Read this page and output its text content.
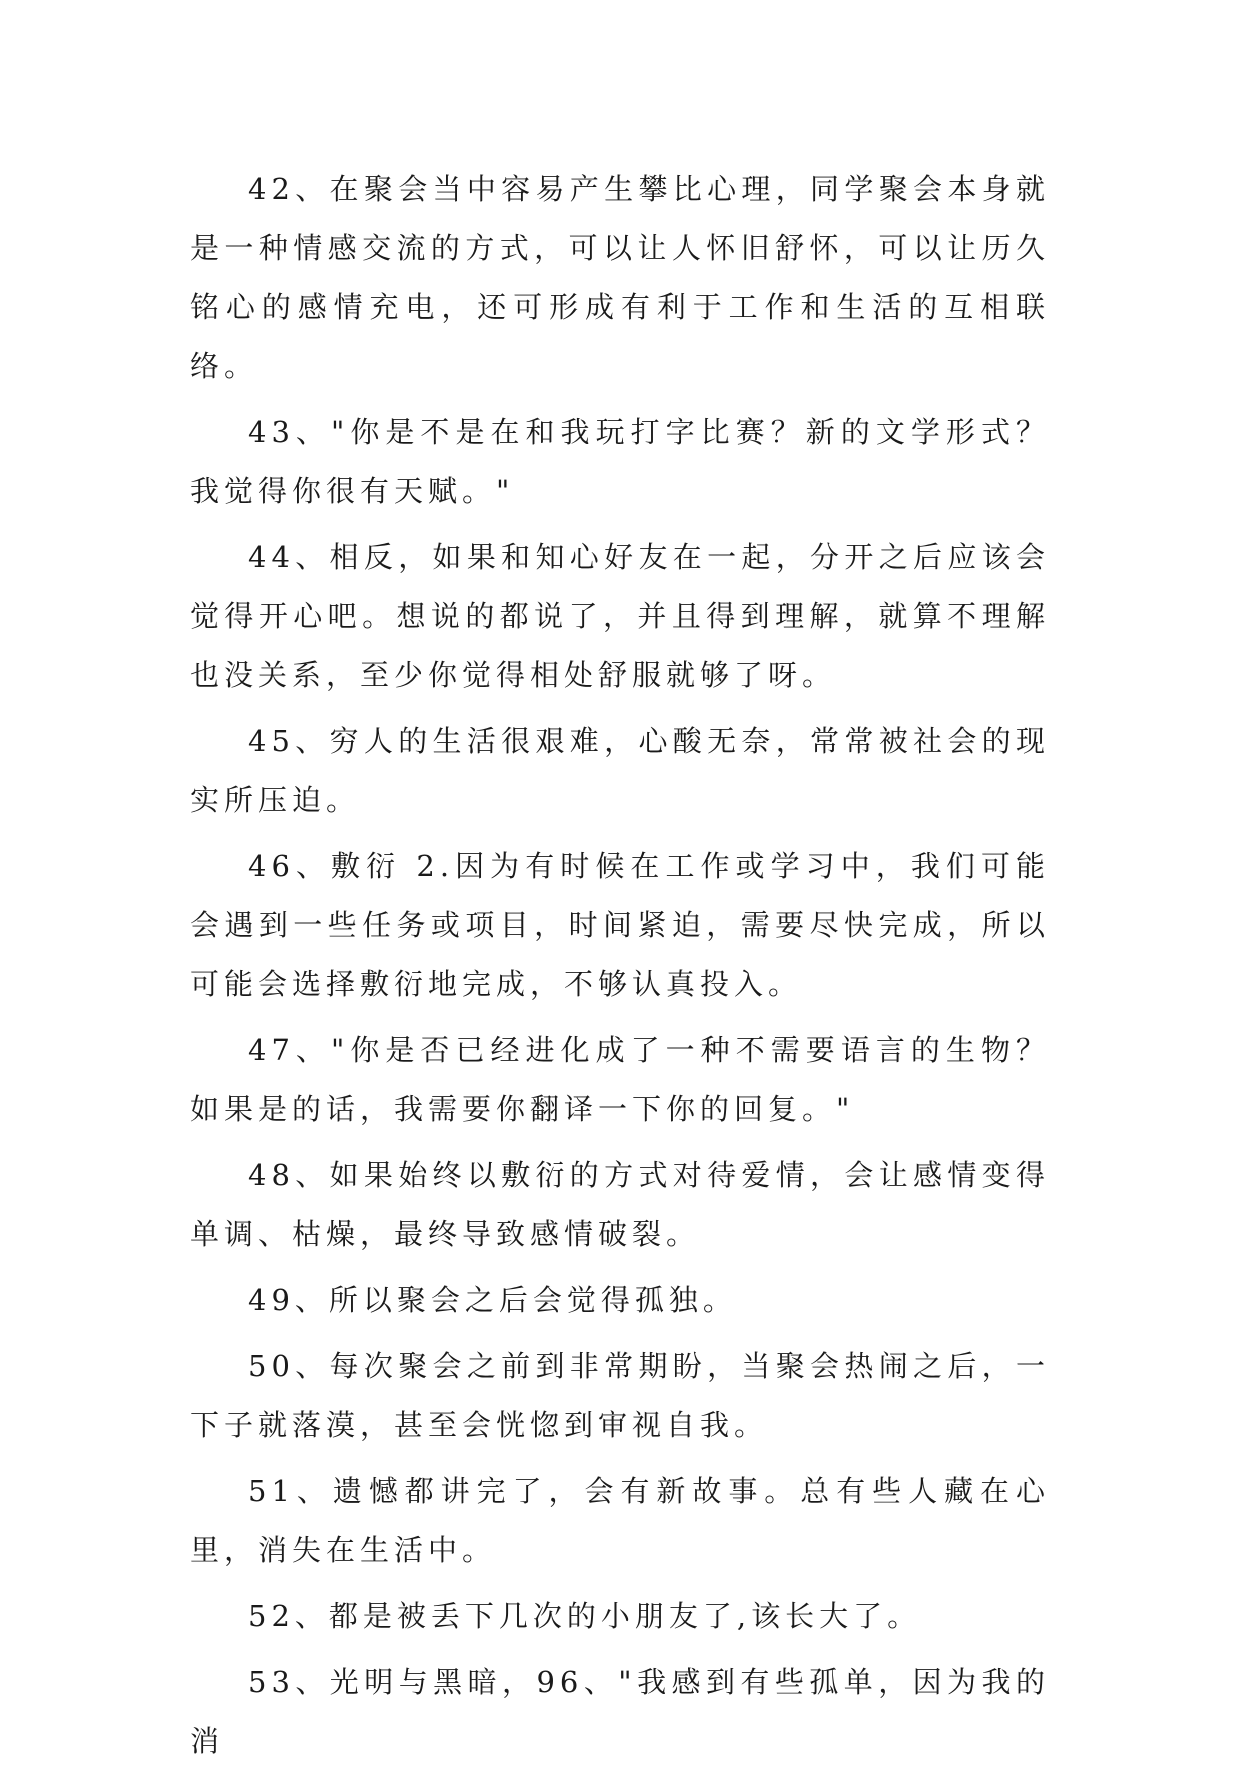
42、在聚会当中容易产生攀比心理，同学聚会本身就是一种情感交流的方式，可以让人怀旧舒怀，可以让历久铭心的感情充电，还可形成有利于工作和生活的互相联络。

43、"你是不是在和我玩打字比赛？新的文学形式？我觉得你很有天赋。"

44、相反，如果和知心好友在一起，分开之后应该会觉得开心吧。想说的都说了，并且得到理解，就算不理解也没关系，至少你觉得相处舒服就够了呀。

45、穷人的生活很艰难，心酸无奈，常常被社会的现实所压迫。

46、敷衍 2.因为有时候在工作或学习中，我们可能会遇到一些任务或项目，时间紧迫，需要尽快完成，所以可能会选择敷衍地完成，不够认真投入。

47、"你是否已经进化成了一种不需要语言的生物？如果是的话，我需要你翻译一下你的回复。"

48、如果始终以敷衍的方式对待爱情，会让感情变得单调、枯燥，最终导致感情破裂。

49、所以聚会之后会觉得孤独。

50、每次聚会之前到非常期盼，当聚会热闹之后，一下子就落漠，甚至会恍惚到审视自我。

51、遗憾都讲完了，会有新故事。总有些人藏在心里，消失在生活中。

52、都是被丢下几次的小朋友了,该长大了。

53、光明与黑暗，96、"我感到有些孤单，因为我的消
